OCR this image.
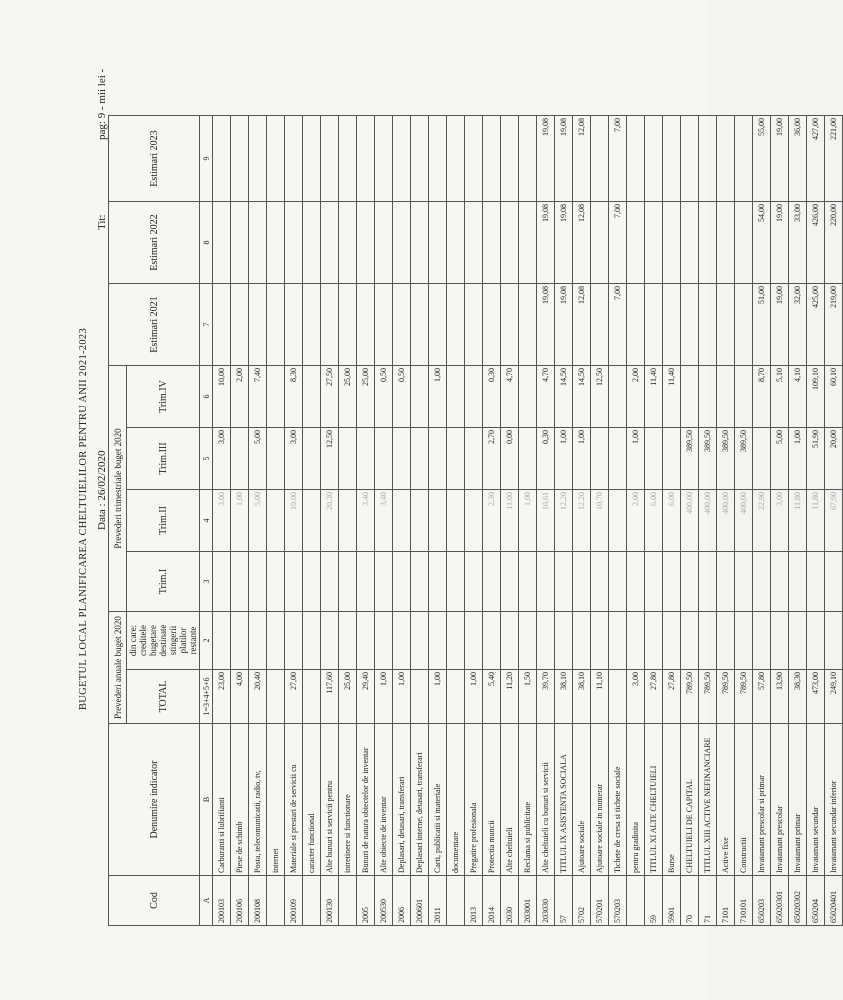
BUGETUL LOCAL PLANIFICAREA CHELTUIELILOR PENTRU ANII 2021-2023 Data : 26/02/2020
Tit:
pag: 9 - mii lei -
Cod	Denumire indicator	Prevederi anuale buget 2020		Prevederi trimestriale buget 2020				Estimari 2021	Estimari 2022	Estimari 2023
		TOTAL	din care: creditele bugetare destinate stingerii platilor restante	Trim.I	Trim.II	Trim.III	Trim.IV			

A	B	1=3+4+5+6	2	3	4	5	6	7	8	9
200103	Carburanti si lubrifianti	23,00			3,00	3,00	10,00			
200106	Piese de schimb	4,00			1,00		2,00			
200108	Posta, telecomunicatii, radio, tv,	20,40			5,00	5,00	7,40			
	internet									
200109	Materiale si prestari de servicii cu	27,00			10,00	3,00	8,30			
	caracter functional									
200130	Alte bunuri si servicii pentru	117,60			20,30	12,50	27,50			
	intretinere si functionare	25,00					25,00			
2005	Bunuri de natura obiectelor de inventar	29,40			3,40		25,00			
200530	Alte obiecte de inventar	1,00			3,40		0,50			
2006	Deplasari, detasari, transferari	1,00					0,50			
200601	Deplasari interne, detasari, transferari									
2011	Carti, publicatii si materiale	1,00					1,00			
	documentare									
2013	Pregatire profesionala	1,00								
2014	Protectia muncii	5,40			2,30	2,70	0,30			
2030	Alte cheltuieli	11,20			11,00	0,00	4,70			
203001	Reclama si publicitate	1,50			1,00					
203030	Alte cheltuieli cu bunuri si servicii	39,70			10,61	0,30	4,70	19,08	19,08	19,08
57	TITLUL IX ASISTENTA SOCIALA	38,10			12,20	1,00	14,50	19,08	19,08	19,08
5702	Ajutoare sociale	38,10			12,20	1,00	14,50	12,08	12,08	12,08
570201	Ajutoare sociale in numerar	11,10			10,70		12,50			
570203	Tichete de cresa si tichete sociale							7,00	7,00	7,00
	pentru gradinita	3,00			2,00	1,00	2,00			
59	TITLUL XI ALTE CHELTUIELI	27,80			6,00		11,40			
5901	Burse	27,80			6,00		11,40			
70	CHELTUIELI DE CAPITAL	789,50			400,00	389,50				
71	TITLUL XIII ACTIVE NEFINANCIARE	789,50			400,00	389,50				
7101	Active fixe	789,50			400,00	389,50				
710101	Constructii	789,50			400,00	389,50				
650203	Invatamant prescolar si primar	57,80			22,90		8,70	51,00	54,00	55,00
65020301	Invatamant prescolar	13,90			3,00	5,00	5,10	19,00	19,00	19,00
65020302	Invatamant primar	38,30			11,80	1,00	4,10	32,00	33,00	36,00
650204	Invatamant secundar	473,00			11,80	51,90	109,10	425,00	426,00	427,00
65020401	Invatamant secundar inferior	249,10			67,90	20,00	60,10	219,00	220,00	221,00
